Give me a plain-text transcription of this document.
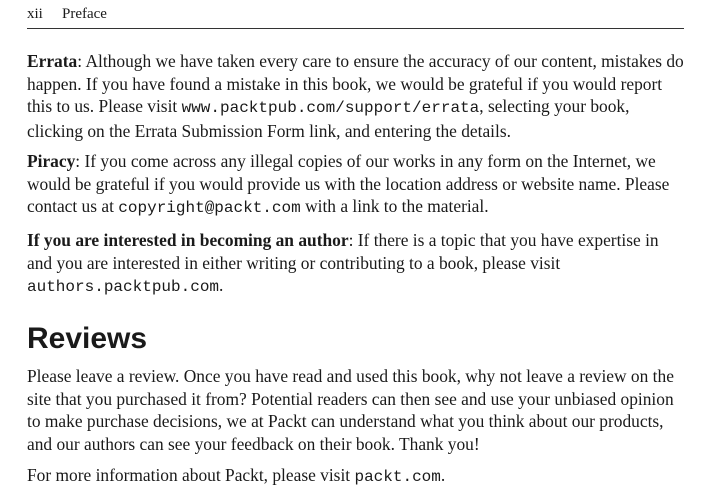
xii Preface

Errata: Although we have taken every care to ensure the accuracy of our content, mistakes do happen. If you have found a mistake in this book, we would be grateful if you would report this to us. Please visit www.packtpub.com/support/errata, selecting your book, clicking on the Errata Submission Form link, and entering the details.

Piracy: If you come across any illegal copies of our works in any form on the Internet, we would be grateful if you would provide us with the location address or website name. Please contact us at copyright@packt.com with a link to the material.

If you are interested in becoming an author: If there is a topic that you have expertise in and you are interested in either writing or contributing to a book, please visit authors.packtpub.com.

Reviews

Please leave a review. Once you have read and used this book, why not leave a review on the site that you purchased it from? Potential readers can then see and use your unbiased opinion to make purchase decisions, we at Packt can understand what you think about our products, and our authors can see your feedback on their book. Thank you!

For more information about Packt, please visit packt.com.
